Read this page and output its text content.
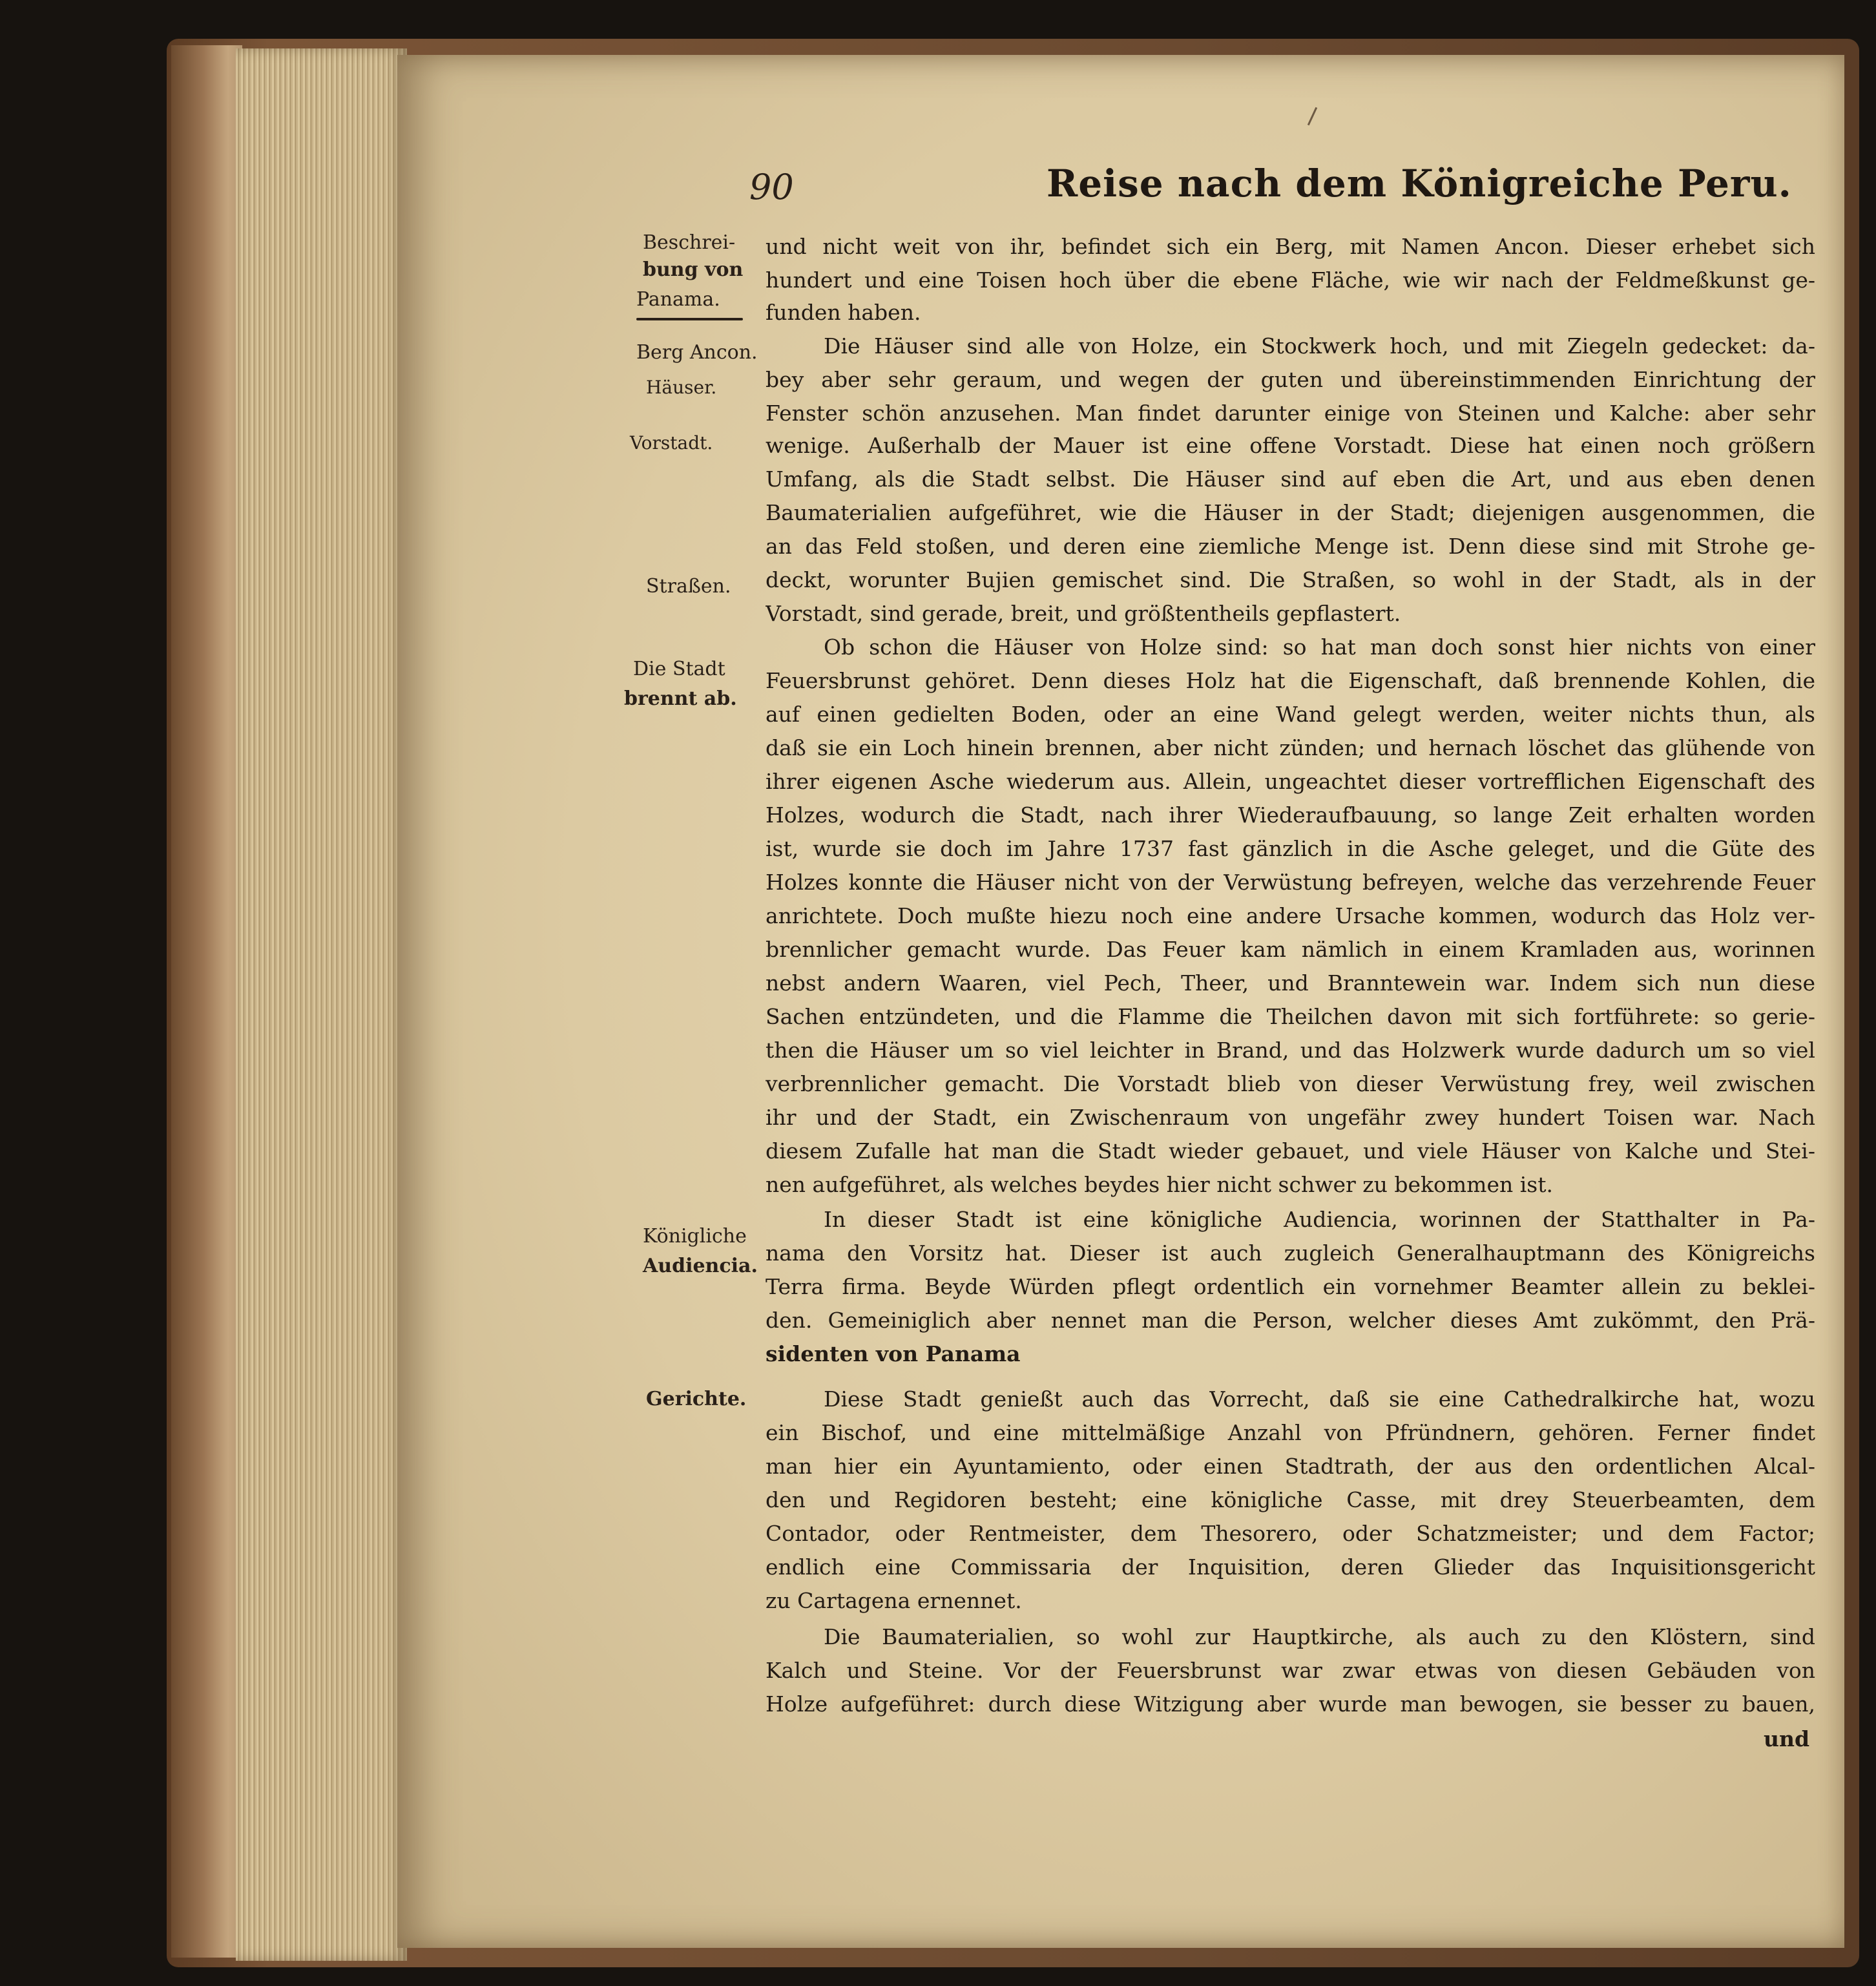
90	Reise nach dem Königreiche Peru.
Beschrei-
bung von
Panama.
Berg Ancon.
Häuser.
Vorstadt.
Straßen.
Die Stadt
brennt ab.
Königliche
Audiencia.
Gerichte.
und nicht weit von ihr, befindet sich ein Berg, mit Namen Ancon. Dieser erhebet sich
hundert und eine Toisen hoch über die ebene Fläche, wie wir nach der Feldmeßkunst ge-
funden haben.
Die Häuser sind alle von Holze, ein Stockwerk hoch, und mit Ziegeln gedecket: da-
bey aber sehr geraum, und wegen der guten und übereinstimmenden Einrichtung der
Fenster schön anzusehen. Man findet darunter einige von Steinen und Kalche: aber sehr
wenige. Außerhalb der Mauer ist eine offene Vorstadt. Diese hat einen noch größern
Umfang, als die Stadt selbst. Die Häuser sind auf eben die Art, und aus eben denen
Baumaterialien aufgeführet, wie die Häuser in der Stadt; diejenigen ausgenommen, die
an das Feld stoßen, und deren eine ziemliche Menge ist. Denn diese sind mit Strohe ge-
deckt, worunter Bujien gemischet sind. Die Straßen, so wohl in der Stadt, als in der
Vorstadt, sind gerade, breit, und größtentheils gepflastert.
Ob schon die Häuser von Holze sind: so hat man doch sonst hier nichts von einer
Feuersbrunst gehöret. Denn dieses Holz hat die Eigenschaft, daß brennende Kohlen, die
auf einen gedielten Boden, oder an eine Wand gelegt werden, weiter nichts thun, als
daß sie ein Loch hinein brennen, aber nicht zünden; und hernach löschet das glühende von
ihrer eigenen Asche wiederum aus. Allein, ungeachtet dieser vortrefflichen Eigenschaft des
Holzes, wodurch die Stadt, nach ihrer Wiederaufbauung, so lange Zeit erhalten worden
ist, wurde sie doch im Jahre 1737 fast gänzlich in die Asche geleget, und die Güte des
Holzes konnte die Häuser nicht von der Verwüstung befreyen, welche das verzehrende Feuer
anrichtete. Doch mußte hiezu noch eine andere Ursache kommen, wodurch das Holz ver-
brennlicher gemacht wurde. Das Feuer kam nämlich in einem Kramladen aus, worinnen
nebst andern Waaren, viel Pech, Theer, und Branntewein war. Indem sich nun diese
Sachen entzündeten, und die Flamme die Theilchen davon mit sich fortführete: so gerie-
then die Häuser um so viel leichter in Brand, und das Holzwerk wurde dadurch um so viel
verbrennlicher gemacht. Die Vorstadt blieb von dieser Verwüstung frey, weil zwischen
ihr und der Stadt, ein Zwischenraum von ungefähr zwey hundert Toisen war. Nach
diesem Zufalle hat man die Stadt wieder gebauet, und viele Häuser von Kalche und Stei-
nen aufgeführet, als welches beydes hier nicht schwer zu bekommen ist.
In dieser Stadt ist eine königliche Audiencia, worinnen der Statthalter in Pa-
nama den Vorsitz hat. Dieser ist auch zugleich Generalhauptmann des Königreichs
Terra firma. Beyde Würden pflegt ordentlich ein vornehmer Beamter allein zu beklei-
den. Gemeiniglich aber nennet man die Person, welcher dieses Amt zukömmt, den Prä-
sidenten von Panama
Diese Stadt genießt auch das Vorrecht, daß sie eine Cathedralkirche hat, wozu
ein Bischof, und eine mittelmäßige Anzahl von Pfründnern, gehören. Ferner findet
man hier ein Ayuntamiento, oder einen Stadtrath, der aus den ordentlichen Alcal-
den und Regidoren besteht; eine königliche Casse, mit drey Steuerbeamten, dem
Contador, oder Rentmeister, dem Thesorero, oder Schatzmeister; und dem Factor;
endlich eine Commissaria der Inquisition, deren Glieder das Inquisitionsgericht
zu Cartagena ernennet.
Die Baumaterialien, so wohl zur Hauptkirche, als auch zu den Klöstern, sind
Kalch und Steine. Vor der Feuersbrunst war zwar etwas von diesen Gebäuden von
Holze aufgeführet: durch diese Witzigung aber wurde man bewogen, sie besser zu bauen,
und
